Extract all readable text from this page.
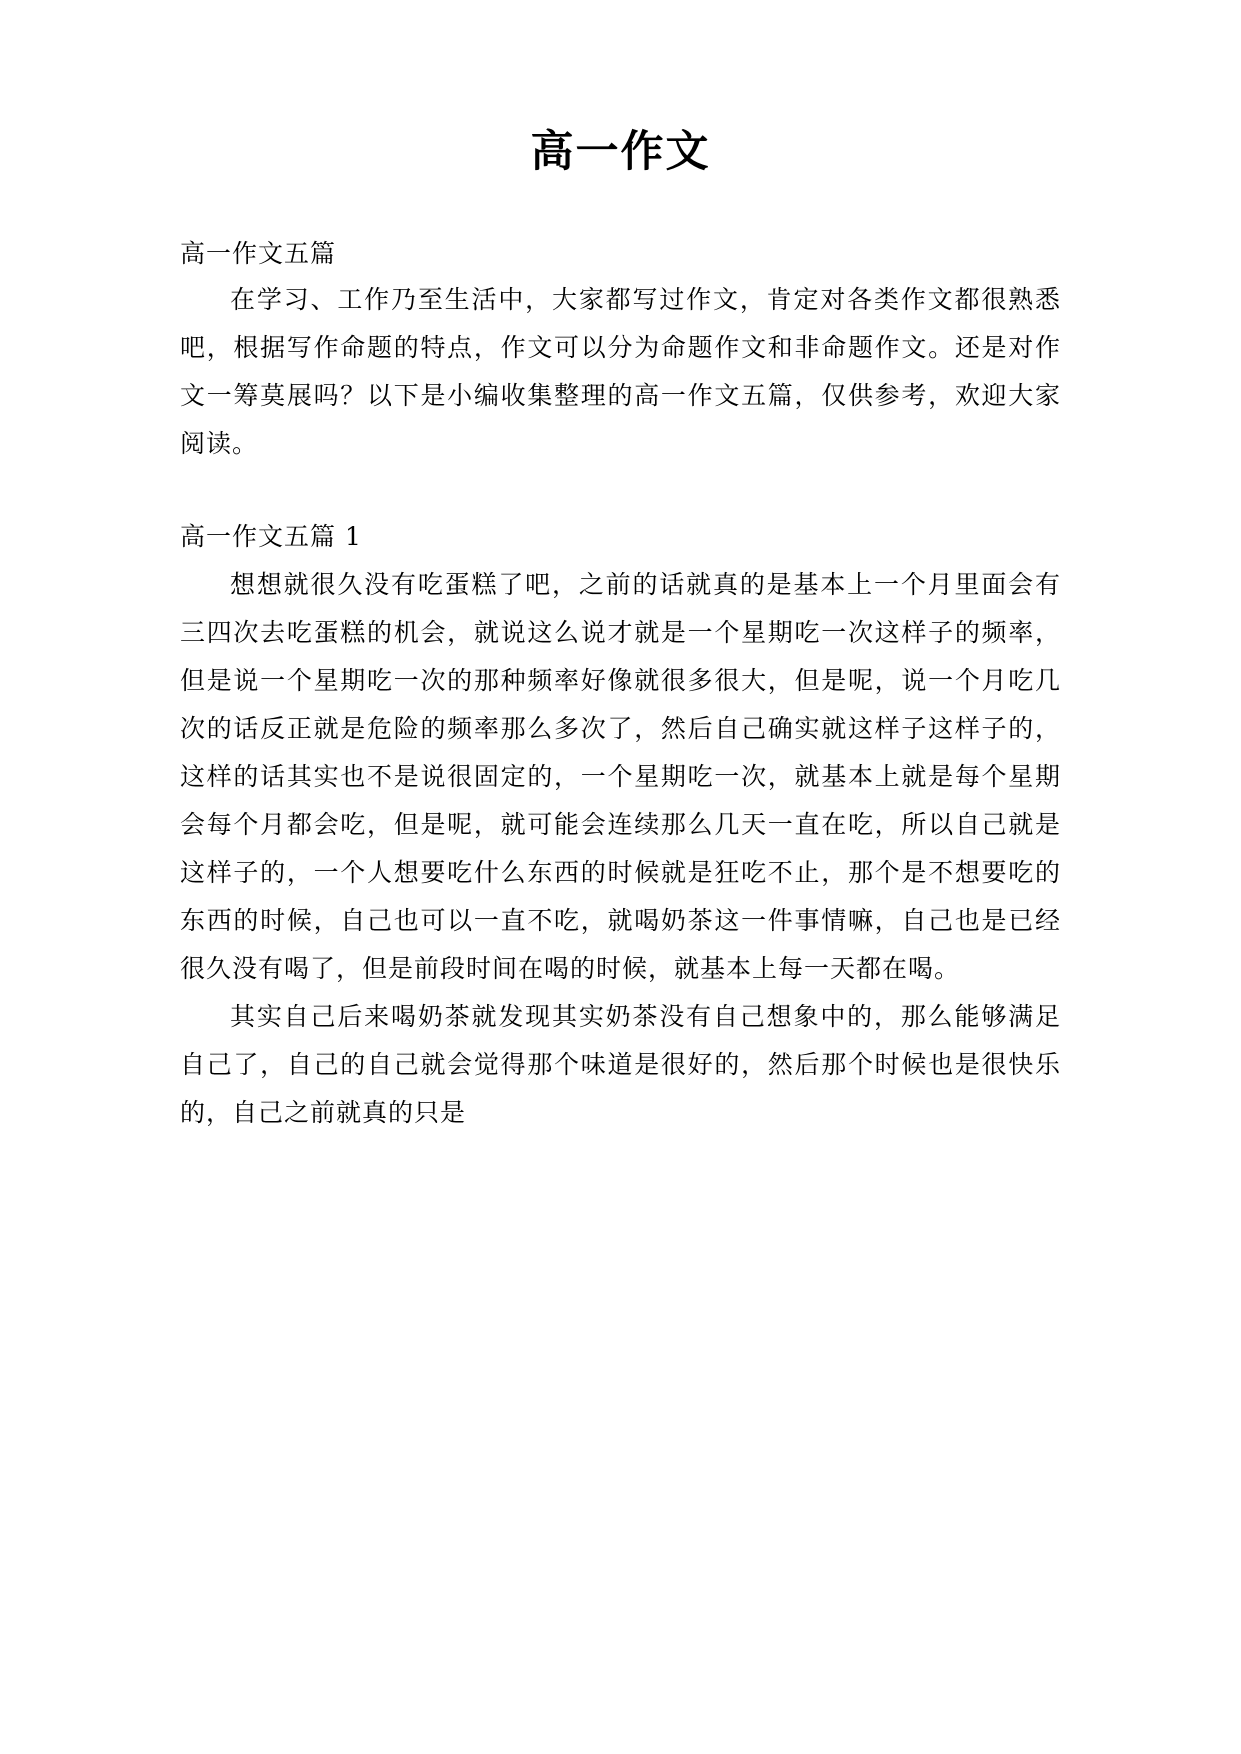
高一作文

高一作文五篇

在学习、工作乃至生活中，大家都写过作文，肯定对各类作文都很熟悉吧，根据写作命题的特点，作文可以分为命题作文和非命题作文。还是对作文一筹莫展吗？以下是小编收集整理的高一作文五篇，仅供参考，欢迎大家阅读。

高一作文五篇 1

想想就很久没有吃蛋糕了吧，之前的话就真的是基本上一个月里面会有三四次去吃蛋糕的机会，就说这么说才就是一个星期吃一次这样子的频率，但是说一个星期吃一次的那种频率好像就很多很大，但是呢，说一个月吃几次的话反正就是危险的频率那么多次了，然后自己确实就这样子这样子的，这样的话其实也不是说很固定的，一个星期吃一次，就基本上就是每个星期会每个月都会吃，但是呢，就可能会连续那么几天一直在吃，所以自己就是这样子的，一个人想要吃什么东西的时候就是狂吃不止，那个是不想要吃的东西的时候，自己也可以一直不吃，就喝奶茶这一件事情嘛，自己也是已经很久没有喝了，但是前段时间在喝的时候，就基本上每一天都在喝。

其实自己后来喝奶茶就发现其实奶茶没有自己想象中的，那么能够满足自己了，自己的自己就会觉得那个味道是很好的，然后那个时候也是很快乐的，自己之前就真的只是
